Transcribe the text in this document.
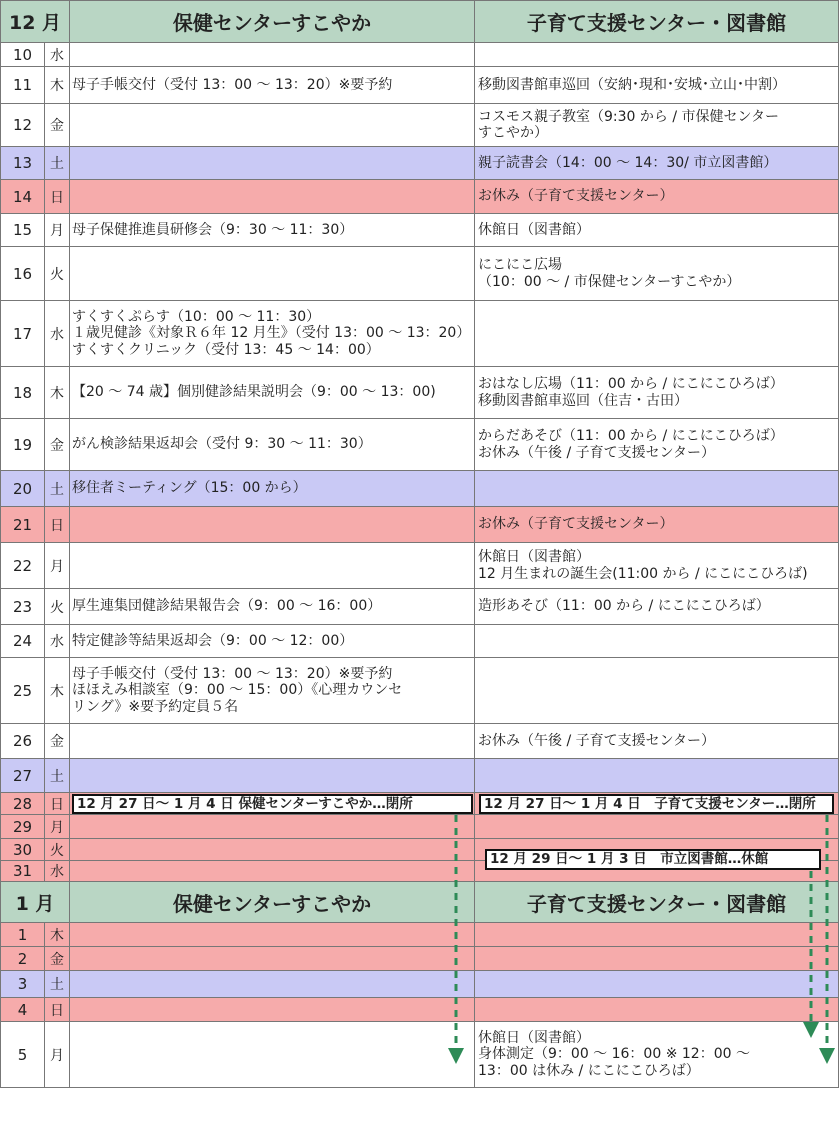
12 月		保健センターすこやか	子育て支援センター・図書館
10	水		
11	木	母子手帳交付（受付 13：00 〜 13：20）※要予約	移動図書館車巡回（安納･現和･安城･立山･中割）

12	金		コスモス親子教室（9:30 から / 市保健センター
すこやか）

13	土		親子読書会（14：00 〜 14：30/ 市立図書館）

14	日		お休み（子育て支援センター）

15	月	母子保健推進員研修会（9：30 〜 11：30）	休館日（図書館）

16	火		にこにこ広場
（10：00 〜 / 市保健センターすこやか）

17	水	すくすくぷらす（10：00 〜 11：30）
１歳児健診《対象Ｒ６年 12 月生》（受付 13：00 〜 13：20）
すくすくクリニック（受付 13：45 〜 14：00）	

18	木	【20 〜 74 歳】個別健診結果説明会（9：00 〜 13：00)	おはなし広場（11：00 から / にこにこひろば）
移動図書館車巡回（住吉・古田）

19	金	がん検診結果返却会（受付 9：30 〜 11：30）	からだあそび（11：00 から / にこにこひろば）
お休み（午後 / 子育て支援センター）

20	土	移住者ミーティング（15：00 から）	

21	日		お休み（子育て支援センター）

22	月		休館日（図書館）
12 月生まれの誕生会(11:00 から / にこにこひろば)

23	火	厚生連集団健診結果報告会（9：00 〜 16：00）	造形あそび（11：00 から / にこにこひろば）

24	水	特定健診等結果返却会（9：00 〜 12：00）	

25	木	母子手帳交付（受付 13：00 〜 13：20）※要予約
ほほえみ相談室（9：00 〜 15：00）《心理カウンセ
リング》※要予約定員５名	

26	金		お休み（午後 / 子育て支援センター）

27	土		
28	日		
29	月		
30	火		
31	水		
1 月		保健センターすこやか	子育て支援センター・図書館
1	木		
2	金		
3	土		
4	日		
5	月		休館日（図書館）
身体測定（9：00 〜 16：00 ※ 12：00 〜
13：00 は休み / にこにこひろば）
12 月 27 日〜 1 月 4 日 保健センターすこやか…閉所	12 月 27 日〜 1 月 4 日　子育て支援センター…閉所
12 月 29 日〜 1 月 3 日　市立図書館…休館
